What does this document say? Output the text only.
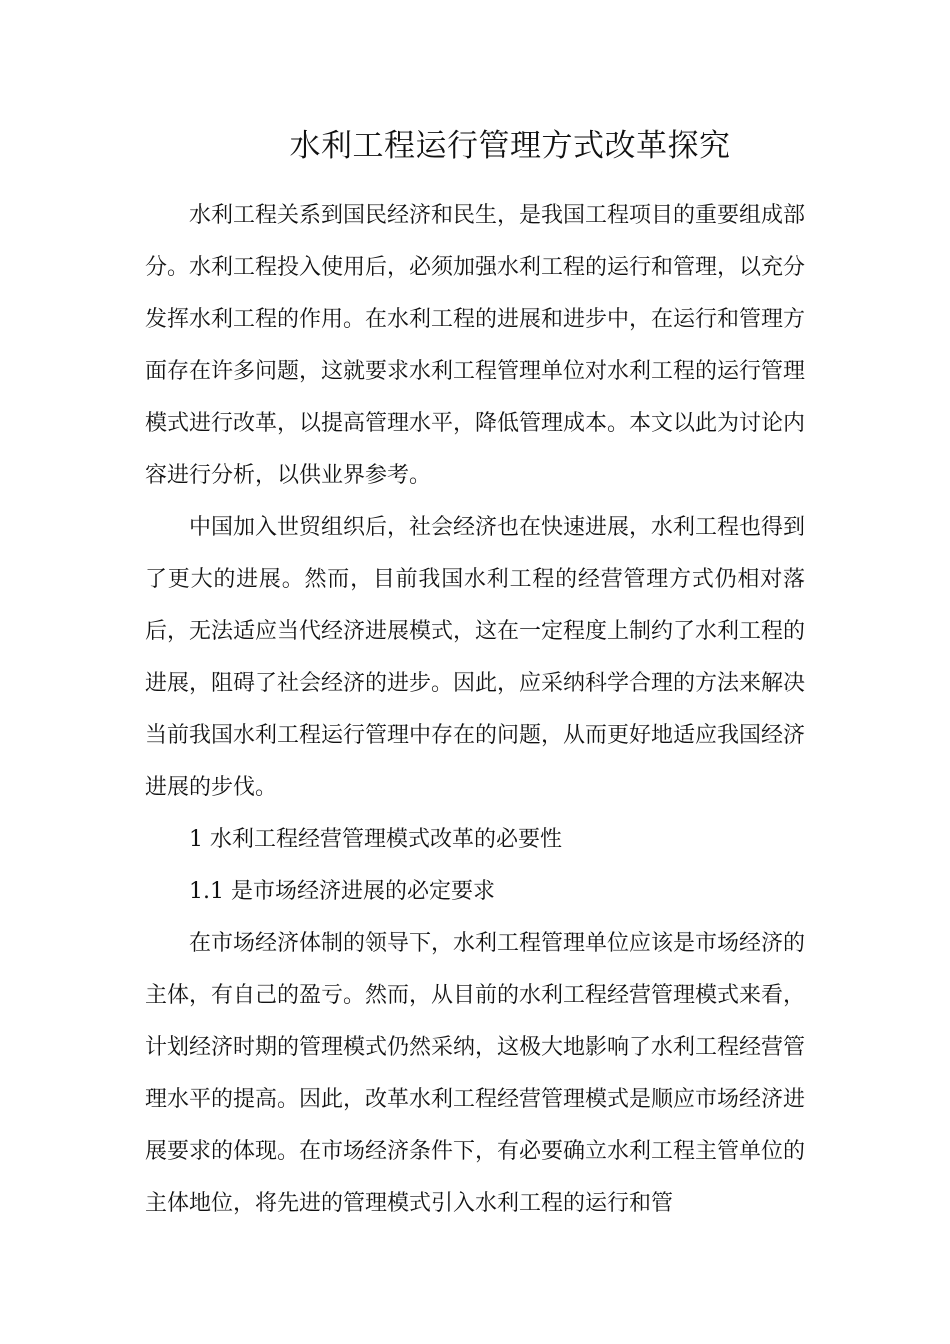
水利工程运行管理方式改革探究

水利工程关系到国民经济和民生，是我国工程项目的重要组成部分。水利工程投入使用后，必须加强水利工程的运行和管理，以充分发挥水利工程的作用。在水利工程的进展和进步中，在运行和管理方面存在许多问题，这就要求水利工程管理单位对水利工程的运行管理模式进行改革，以提高管理水平，降低管理成本。本文以此为讨论内容进行分析，以供业界参考。

中国加入世贸组织后，社会经济也在快速进展，水利工程也得到了更大的进展。然而，目前我国水利工程的经营管理方式仍相对落后，无法适应当代经济进展模式，这在一定程度上制约了水利工程的进展，阻碍了社会经济的进步。因此，应采纳科学合理的方法来解决当前我国水利工程运行管理中存在的问题，从而更好地适应我国经济进展的步伐。

1 水利工程经营管理模式改革的必要性
1.1 是市场经济进展的必定要求

在市场经济体制的领导下，水利工程管理单位应该是市场经济的主体，有自己的盈亏。然而，从目前的水利工程经营管理模式来看，计划经济时期的管理模式仍然采纳，这极大地影响了水利工程经营管理水平的提高。因此，改革水利工程经营管理模式是顺应市场经济进展要求的体现。在市场经济条件下，有必要确立水利工程主管单位的主体地位，将先进的管理模式引入水利工程的运行和管
